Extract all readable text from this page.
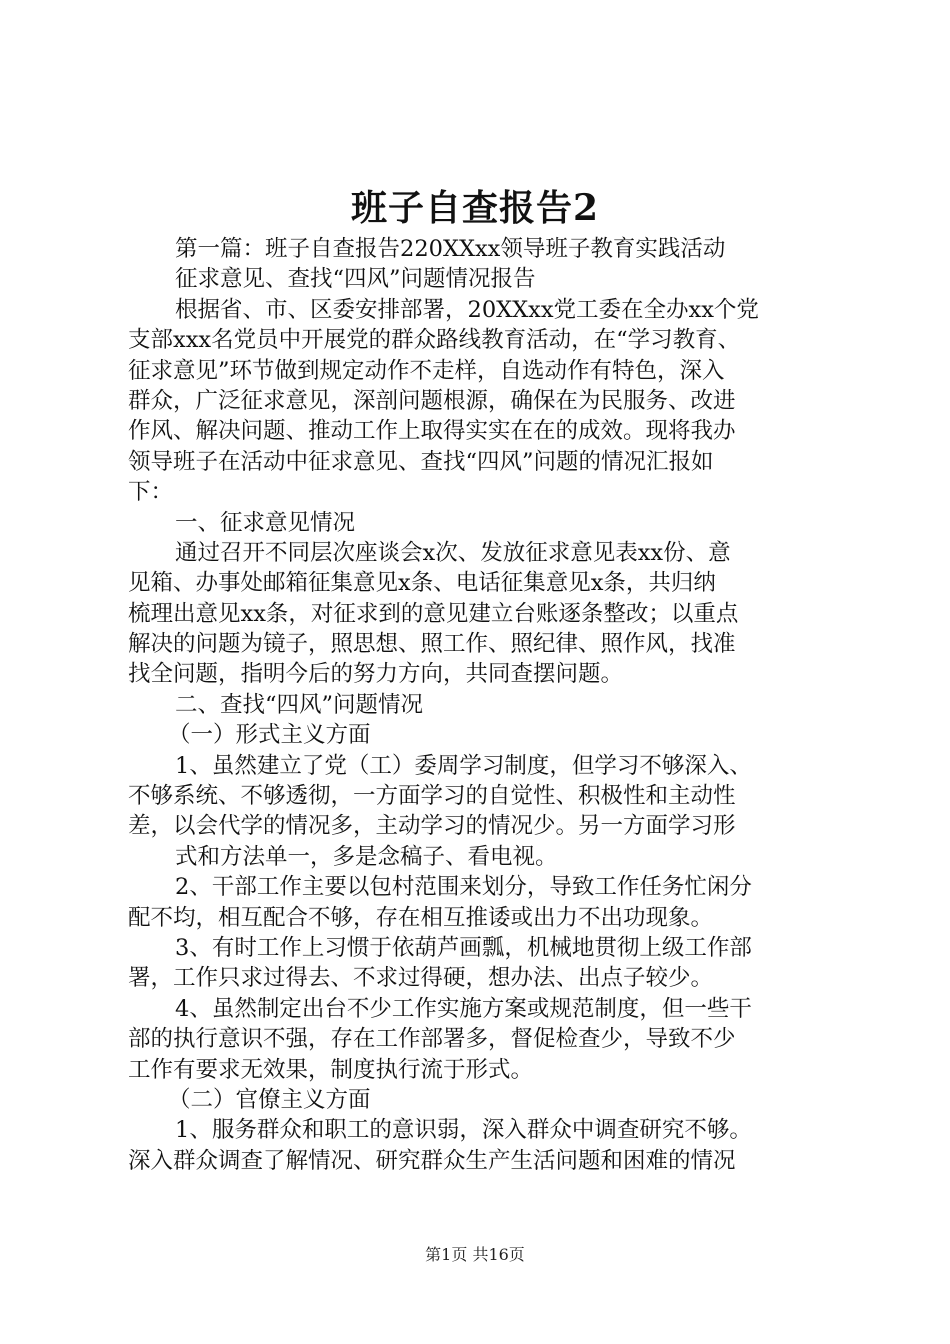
班子自查报告2
第一篇：班子自查报告220XXxx领导班子教育实践活动
征求意见、查找“四风”问题情况报告
根据省、市、区委安排部署，20XXxx党工委在全办xx个党
支部xxx名党员中开展党的群众路线教育活动，在“学习教育、
征求意见”环节做到规定动作不走样，自选动作有特色，深入
群众，广泛征求意见，深剖问题根源，确保在为民服务、改进
作风、解决问题、推动工作上取得实实在在的成效。现将我办
领导班子在活动中征求意见、查找“四风”问题的情况汇报如
下：
一、征求意见情况
通过召开不同层次座谈会x次、发放征求意见表xx份、意
见箱、办事处邮箱征集意见x条、电话征集意见x条，共归纳
梳理出意见xx条，对征求到的意见建立台账逐条整改；以重点
解决的问题为镜子，照思想、照工作、照纪律、照作风，找准
找全问题，指明今后的努力方向，共同查摆问题。
二、查找“四风”问题情况
（一）形式主义方面
1、虽然建立了党（工）委周学习制度，但学习不够深入、
不够系统、不够透彻，一方面学习的自觉性、积极性和主动性
差，以会代学的情况多，主动学习的情况少。另一方面学习形
式和方法单一，多是念稿子、看电视。
2、干部工作主要以包村范围来划分，导致工作任务忙闲分
配不均，相互配合不够，存在相互推诿或出力不出功现象。
3、有时工作上习惯于依葫芦画瓢，机械地贯彻上级工作部
署，工作只求过得去、不求过得硬，想办法、出点子较少。
4、虽然制定出台不少工作实施方案或规范制度，但一些干
部的执行意识不强，存在工作部署多，督促检查少，导致不少
工作有要求无效果，制度执行流于形式。
（二）官僚主义方面
1、服务群众和职工的意识弱，深入群众中调查研究不够。
深入群众调查了解情况、研究群众生产生活问题和困难的情况
第1页 共16页
